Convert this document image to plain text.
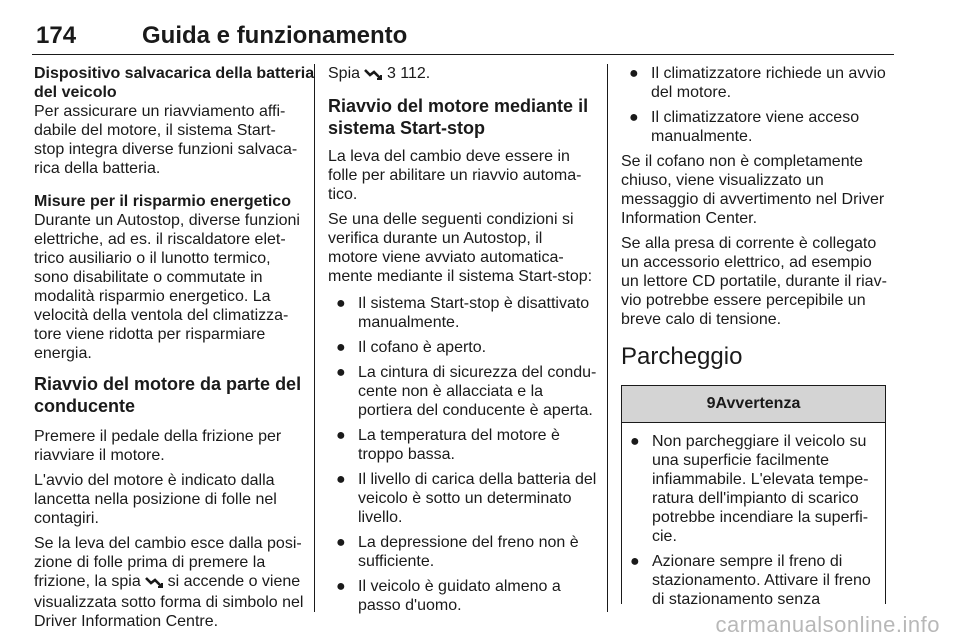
174	Guida e funzionamento
Dispositivo salvacarica della batteria
del veicolo
Per assicurare un riavviamento affi-
dabile del motore, il sistema Start-
stop integra diverse funzioni salvaca-
rica della batteria.
Misure per il risparmio energetico
Durante un Autostop, diverse funzioni
elettriche, ad es. il riscaldatore elet-
trico ausiliario o il lunotto termico,
sono disabilitate o commutate in
modalità risparmio energetico. La
velocità della ventola del climatizza-
tore viene ridotta per risparmiare
energia.
Riavvio del motore da parte del
conducente
Premere il pedale della frizione per
riavviare il motore.
L'avvio del motore è indicato dalla
lancetta nella posizione di folle nel
contagiri.
Se la leva del cambio esce dalla posi-
zione di folle prima di premere la
frizione, la spia si accende o viene
visualizzata sotto forma di simbolo nel
Driver Information Centre.
Spia 3 112.
Riavvio del motore mediante il
sistema Start-stop
La leva del cambio deve essere in
folle per abilitare un riavvio automa-
tico.
Se una delle seguenti condizioni si
verifica durante un Autostop, il
motore viene avviato automatica-
mente mediante il sistema Start-stop:
● Il sistema Start-stop è disattivato
manualmente.
● Il cofano è aperto.
● La cintura di sicurezza del condu-
cente non è allacciata e la
portiera del conducente è aperta.
● La temperatura del motore è
troppo bassa.
● Il livello di carica della batteria del
veicolo è sotto un determinato
livello.
● La depressione del freno non è
sufficiente.
● Il veicolo è guidato almeno a
passo d'uomo.
● Il climatizzatore richiede un avvio
del motore.
● Il climatizzatore viene acceso
manualmente.
Se il cofano non è completamente
chiuso, viene visualizzato un
messaggio di avvertimento nel Driver
Information Center.
Se alla presa di corrente è collegato
un accessorio elettrico, ad esempio
un lettore CD portatile, durante il riav-
vio potrebbe essere percepibile un
breve calo di tensione.
Parcheggio
9Avvertenza
● Non parcheggiare il veicolo su
una superficie facilmente
infiammabile. L'elevata tempe-
ratura dell'impianto di scarico
potrebbe incendiare la superfi-
cie.
● Azionare sempre il freno di
stazionamento. Attivare il freno
di stazionamento senza
carmanualsonline.info
